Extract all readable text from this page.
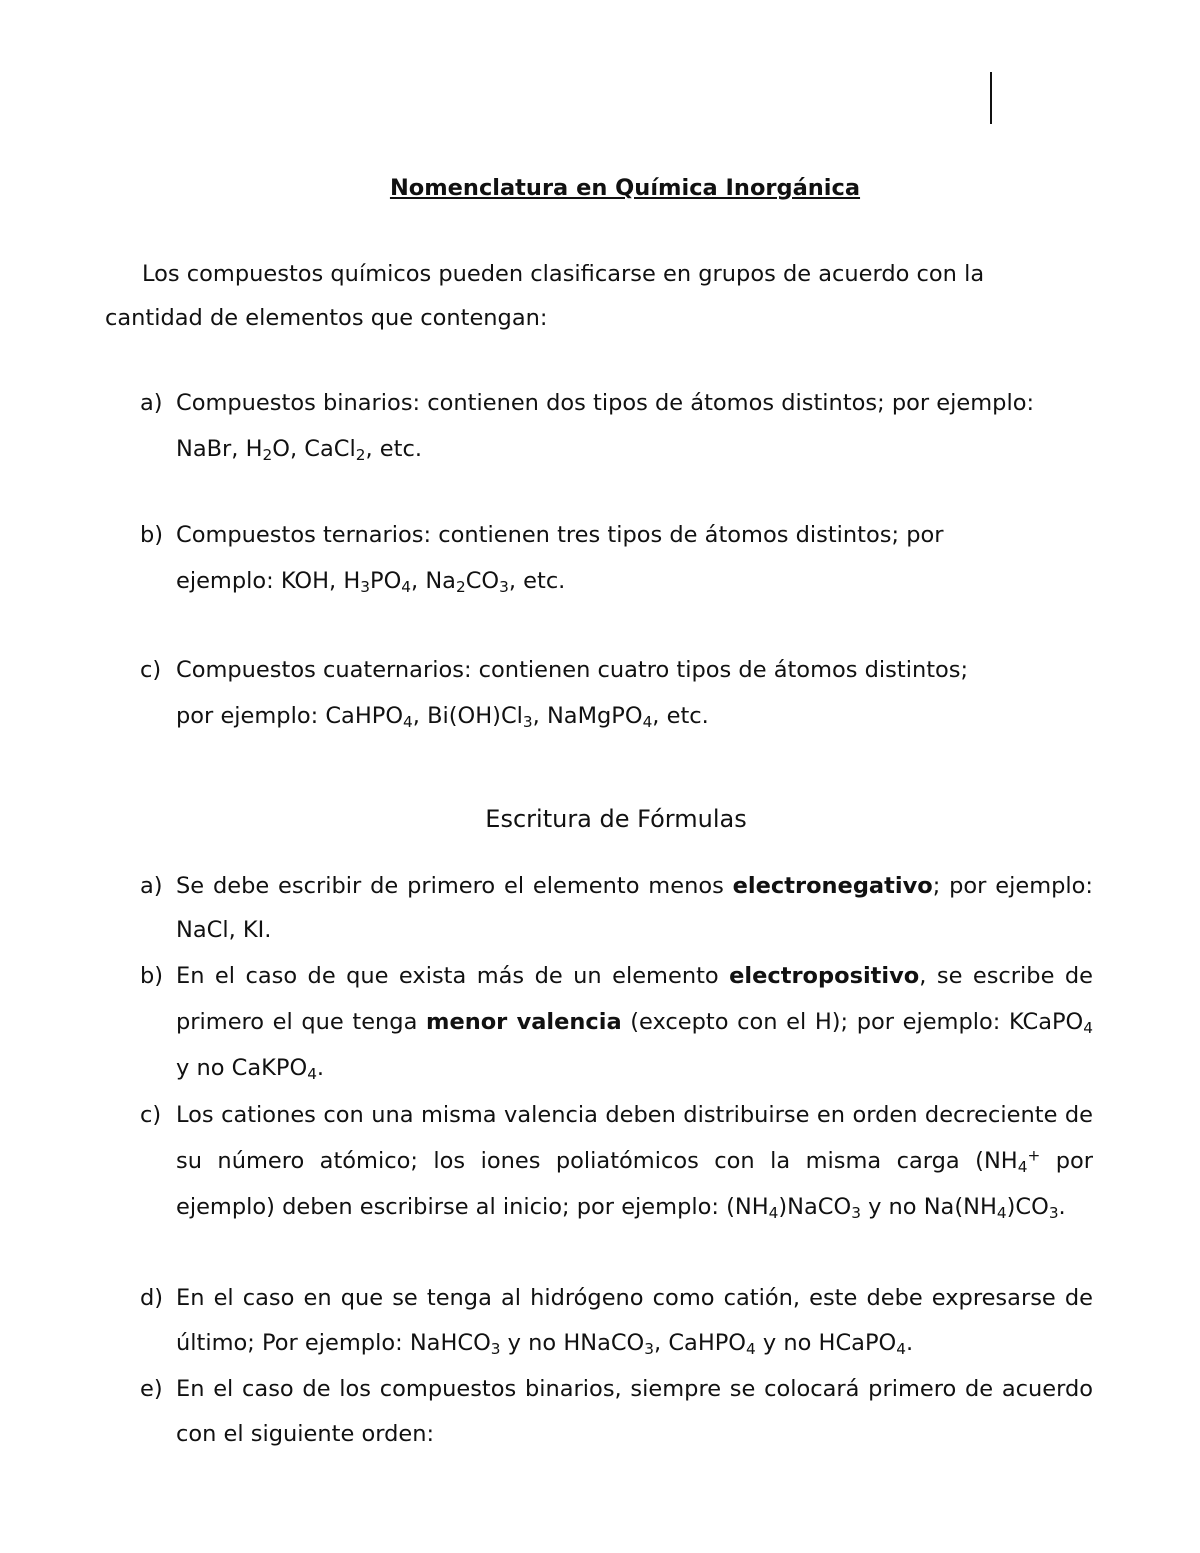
Nomenclatura en Química Inorgánica

Los compuestos químicos pueden clasificarse en grupos de acuerdo con la
cantidad de elementos que contengan:

a) Compuestos binarios: contienen dos tipos de átomos distintos; por ejemplo:
NaBr, $H_2O$, CaCl$_2$, etc.
b) Compuestos ternarios: contienen tres tipos de átomos distintos; por
ejemplo: KOH, $H_3PO_4$, $Na_2CO_3$, etc.
c) Compuestos cuaternarios: contienen cuatro tipos de átomos distintos;
por ejemplo: CaHPO$_4$, $Bi(OH)Cl_3$, NaMgPO$_4$, etc.
Escritura de Fórmulas
a) Se debe escribir de primero el elemento menos electronegativo; por ejemplo: NaCl, KI.
b) En el caso de que exista más de un elemento electropositivo, se escribe de primero el que tenga menor valencia (excepto con el H); por ejemplo: KCaPO$_4$ y no CaKPO$_4$.
c) Los cationes con una misma valencia deben distribuirse en orden decreciente de su número atómico; los iones poliatómicos con la misma carga ($NH_4^+$ por ejemplo) deben escribirse al inicio; por ejemplo: $(NH_4)NaCO_3$ y no $Na(NH_4)CO_3$.
d) En el caso en que se tenga al hidrógeno como catión, este debe expresarse de último; Por ejemplo: NaHCO$_3$ y no HNaCO$_3$, CaHPO$_4$ y no HCaPO$_4$.
e) En el caso de los compuestos binarios, siempre se colocará primero de acuerdo con el siguiente orden:
